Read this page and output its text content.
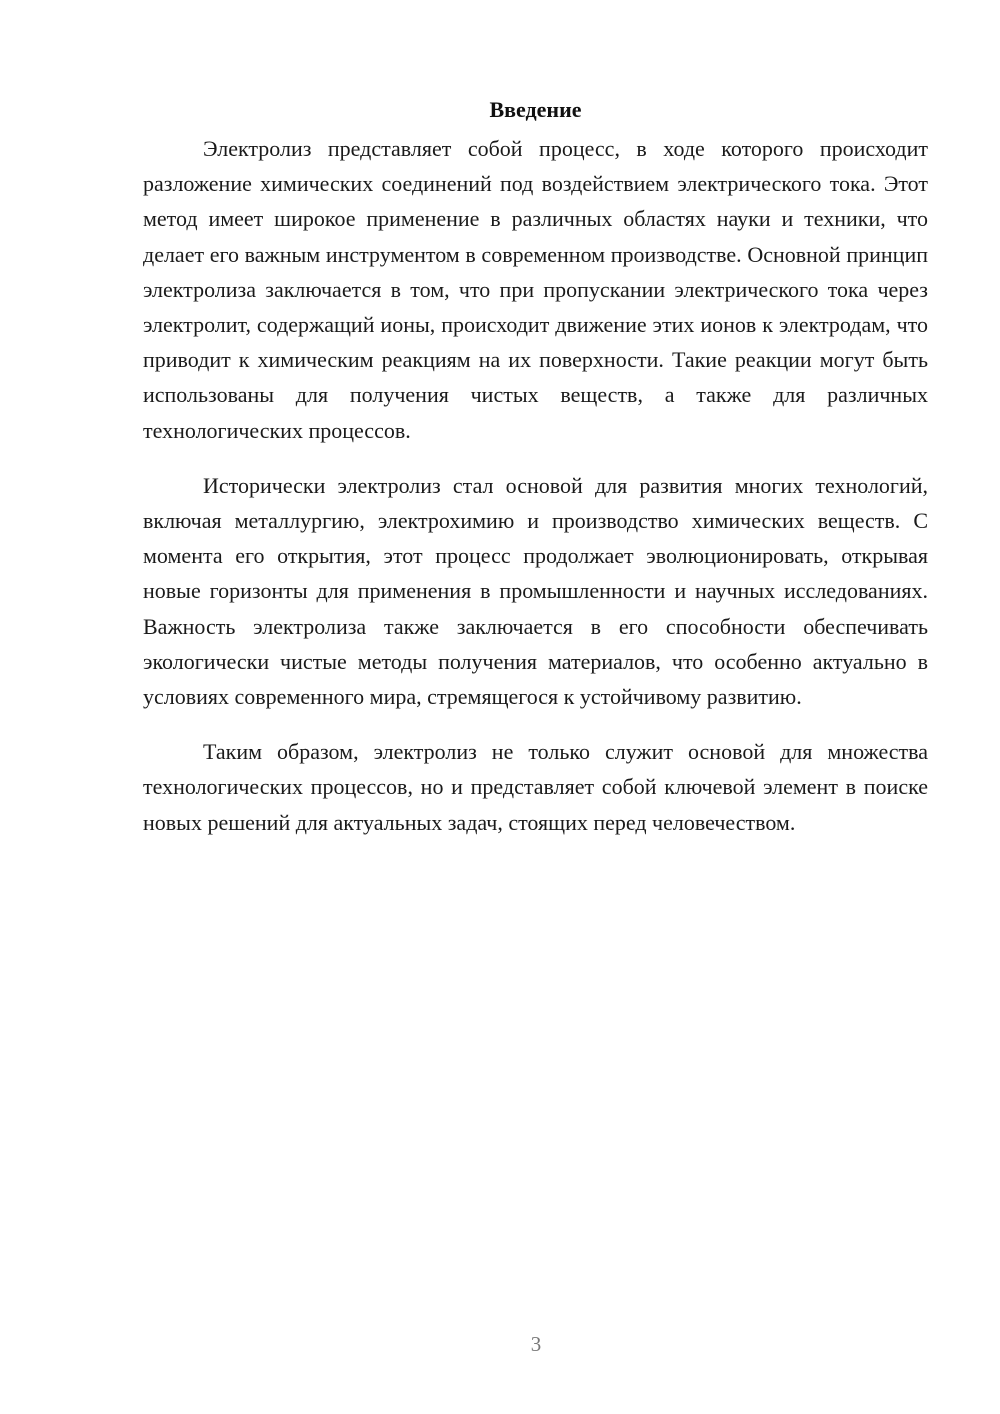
Введение

Электролиз представляет собой процесс, в ходе которого происходит разложение химических соединений под воздействием электрического тока. Этот метод имеет широкое применение в различных областях науки и техники, что делает его важным инструментом в современном производстве. Основной принцип электролиза заключается в том, что при пропускании электрического тока через электролит, содержащий ионы, происходит движение этих ионов к электродам, что приводит к химическим реакциям на их поверхности. Такие реакции могут быть использованы для получения чистых веществ, а также для различных технологических процессов.

Исторически электролиз стал основой для развития многих технологий, включая металлургию, электрохимию и производство химических веществ. С момента его открытия, этот процесс продолжает эволюционировать, открывая новые горизонты для применения в промышленности и научных исследованиях. Важность электролиза также заключается в его способности обеспечивать экологически чистые методы получения материалов, что особенно актуально в условиях современного мира, стремящегося к устойчивому развитию.

Таким образом, электролиз не только служит основой для множества технологических процессов, но и представляет собой ключевой элемент в поиске новых решений для актуальных задач, стоящих перед человечеством.

3
